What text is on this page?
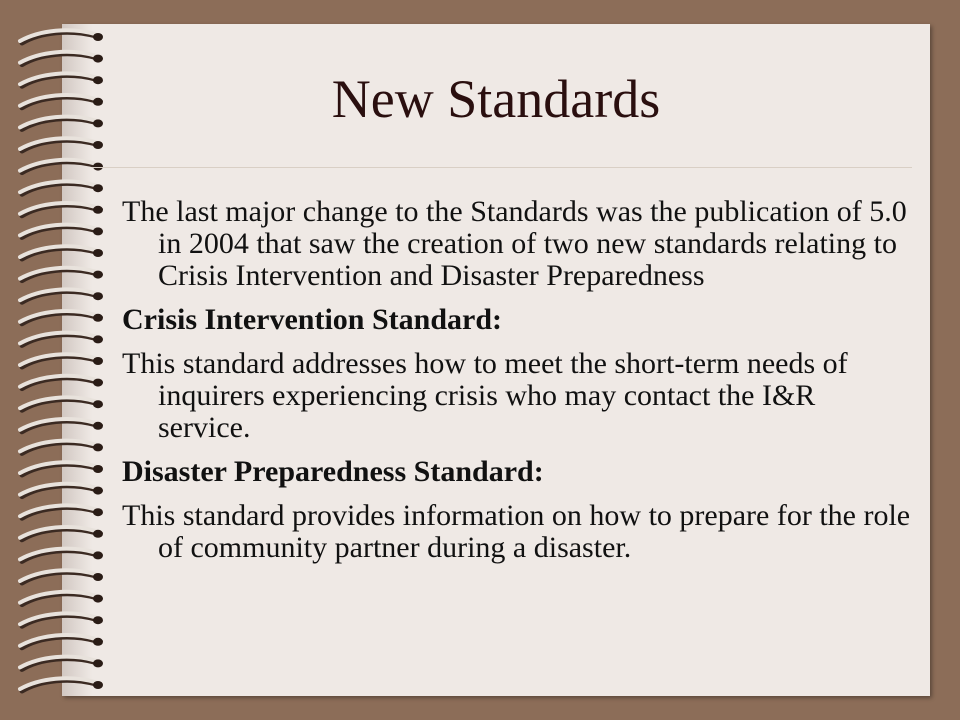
New Standards

The last major change to the Standards was the publication of 5.0 in 2004 that saw the creation of two new standards relating to Crisis Intervention and Disaster Preparedness

Crisis Intervention Standard:

This standard addresses how to meet the short-term needs of inquirers experiencing crisis who may contact the I&R service.

Disaster Preparedness Standard:

This standard provides information on how to prepare for the role of community partner during a disaster.
